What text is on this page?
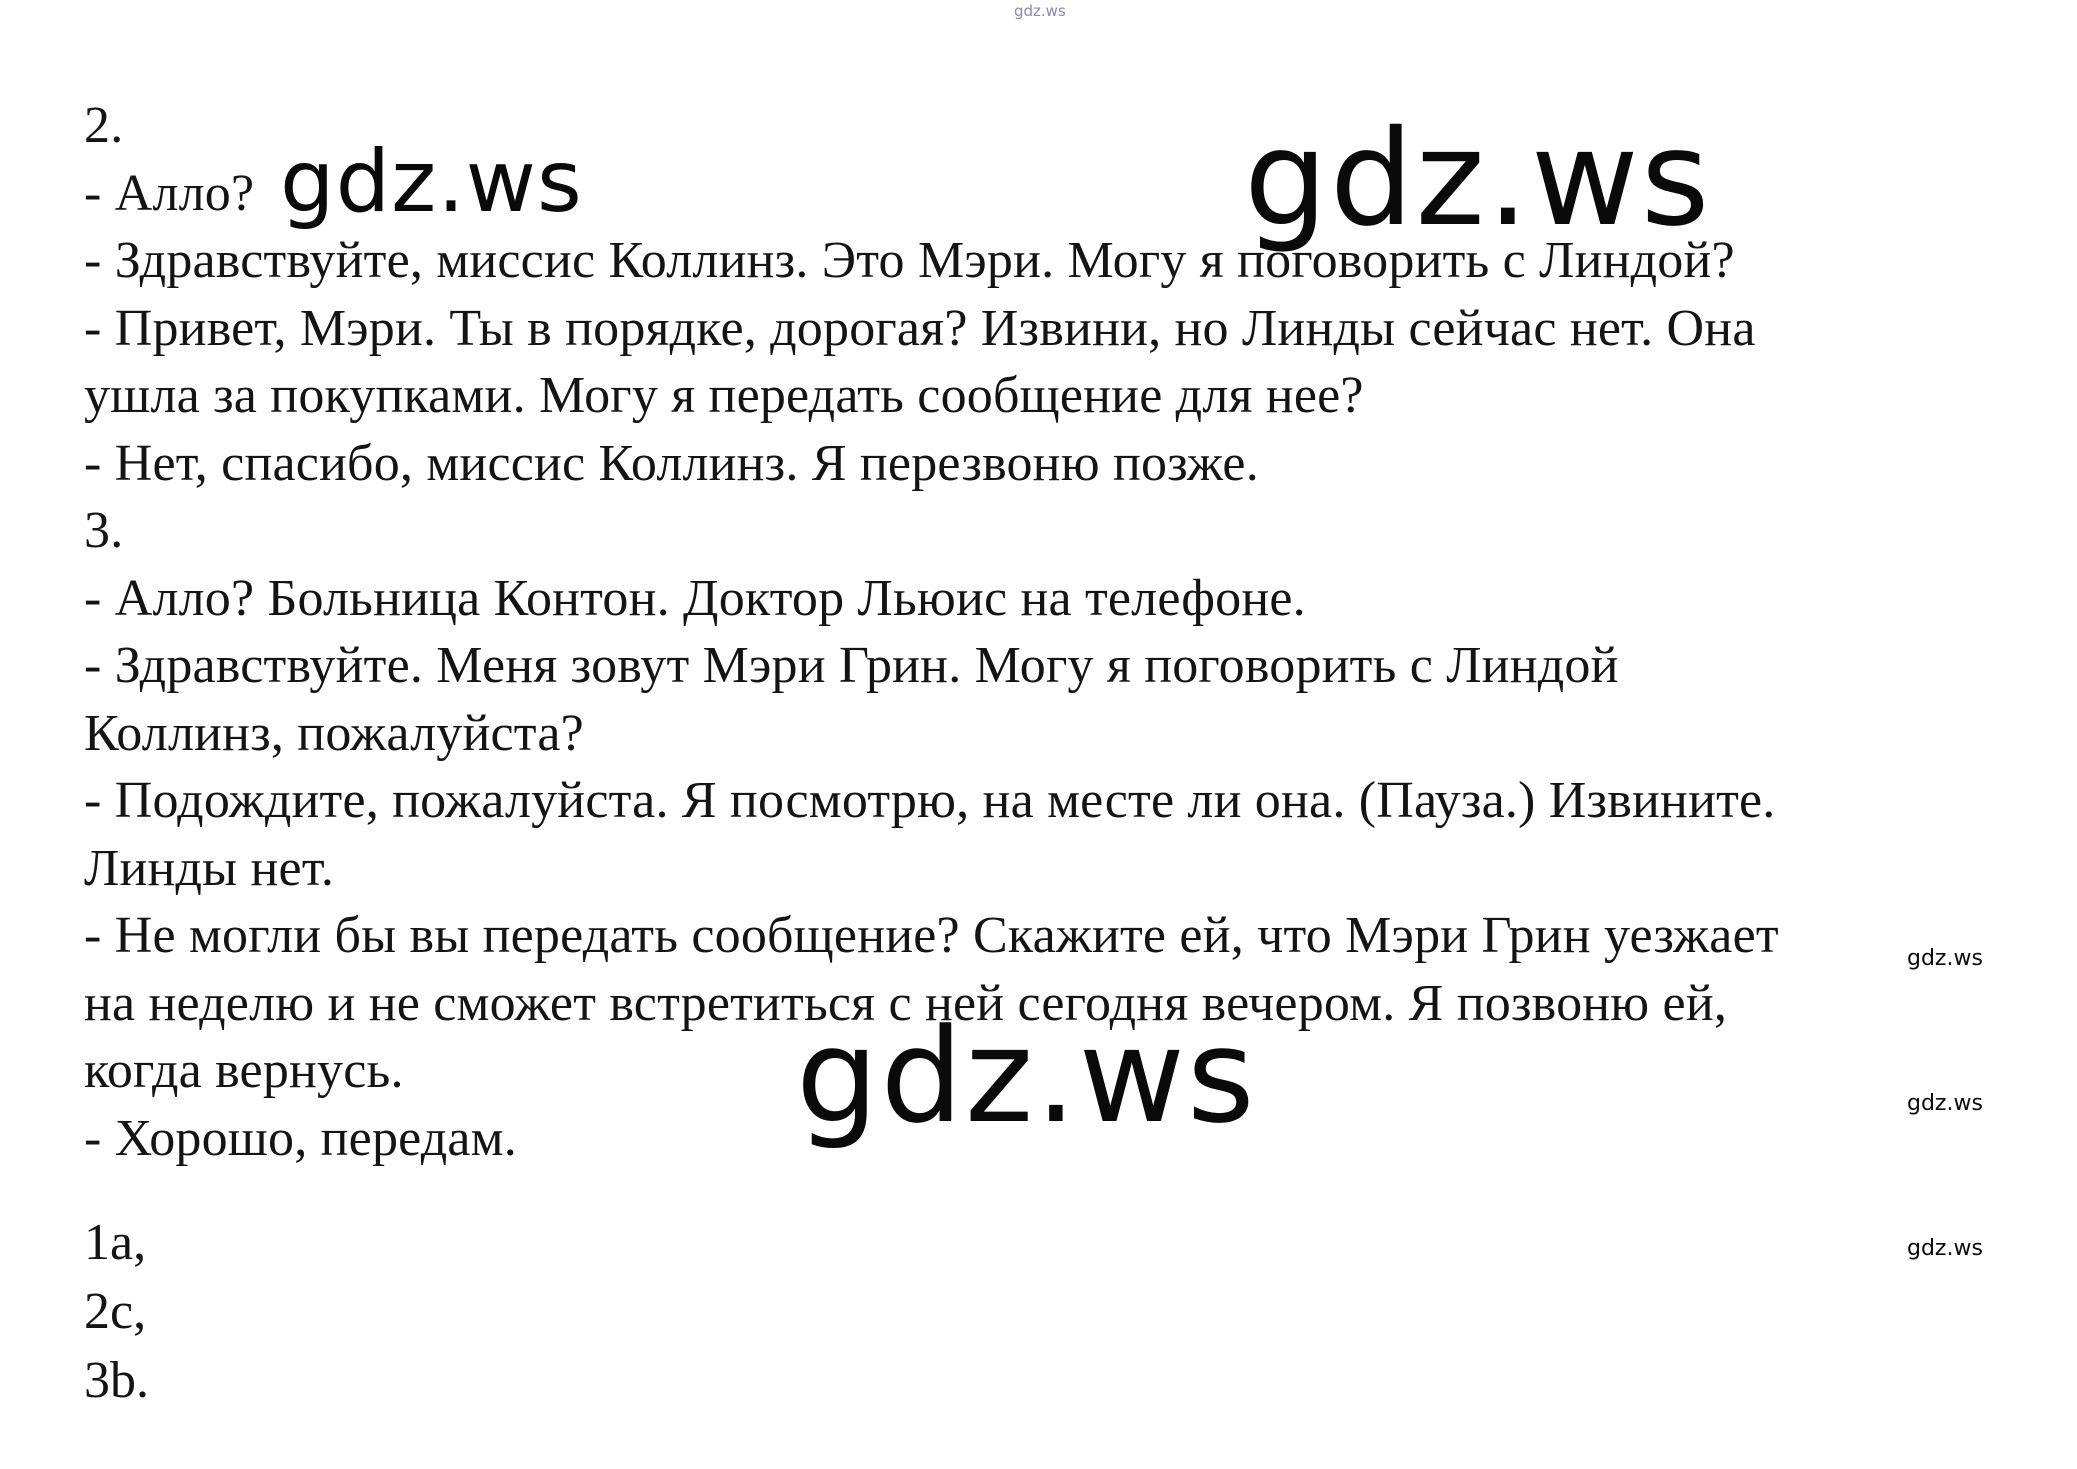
gdz.ws
2.
- Алло?
- Здравствуйте, миссис Коллинз. Это Мэри. Могу я поговорить с Линдой?
- Привет, Мэри. Ты в порядке, дорогая? Извини, но Линды сейчас нет. Она
ушла за покупками. Могу я передать сообщение для нее?
- Нет, спасибо, миссис Коллинз. Я перезвоню позже.
3.
- Алло? Больница Контон. Доктор Льюис на телефоне.
- Здравствуйте. Меня зовут Мэри Грин. Могу я поговорить с Линдой
Коллинз, пожалуйста?
- Подождите, пожалуйста. Я посмотрю, на месте ли она. (Пауза.) Извините.
Линды нет.
- Не могли бы вы передать сообщение? Скажите ей, что Мэри Грин уезжает
на неделю и не сможет встретиться с ней сегодня вечером. Я позвоню ей,
когда вернусь.
- Хорошо, передам.
1a,
2c,
3b.
gdz.ws	gdz.ws
gdz.ws
gdz.ws
gdz.ws
gdz.ws
